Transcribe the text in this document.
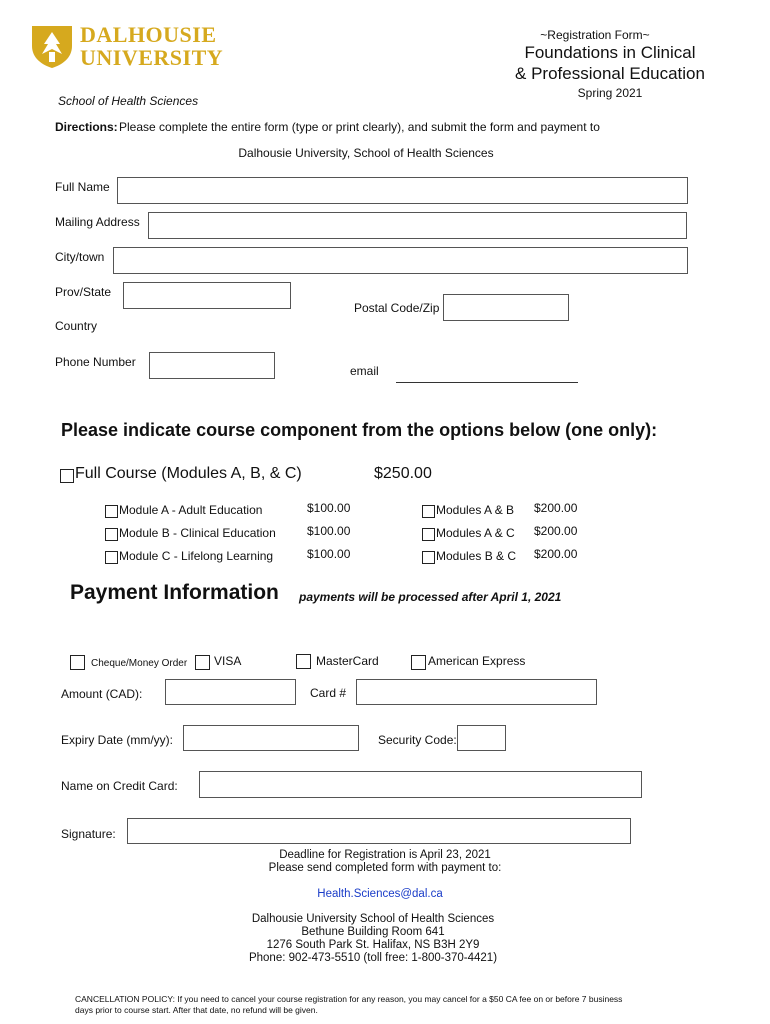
DALHOUSIE
UNIVERSITY
School of Health Sciences
~Registration Form~
Foundations in Clinical
& Professional Education
Spring 2021
Directions: Please complete the entire form (type or print clearly), and submit the form and payment to
Dalhousie University, School of Health Sciences
Full Name
Mailing Address
City/town
Prov/State
Postal Code/Zip
Country
Phone Number
email
Please indicate course component from the options below (one only):
Full Course (Modules A, B, & C)	$250.00
Module A - Adult Education	$100.00
Module B - Clinical Education	$100.00
Module C - Lifelong Learning	$100.00
Modules A & B $200.00
Modules A & C $200.00
Modules B & C $200.00
Payment Information payments will be processed after April 1, 2021
Cheque/Money Order VISA	MasterCard	American Express
Amount (CAD):	Card #
Expiry Date (mm/yy):	Security Code:
Name on Credit Card:
Signature:
Deadline for Registration is April 23, 2021
Please send completed form with payment to:
Health.Sciences@dal.ca
Dalhousie University School of Health Sciences
Bethune Building Room 641
1276 South Park St. Halifax, NS B3H 2Y9
Phone: 902-473-5510 (toll free: 1-800-370-4421)
CANCELLATION POLICY: If you need to cancel your course registration for any reason, you may cancel for a $50 CA fee on or before 7 business
days prior to course start. After that date, no refund will be given.
